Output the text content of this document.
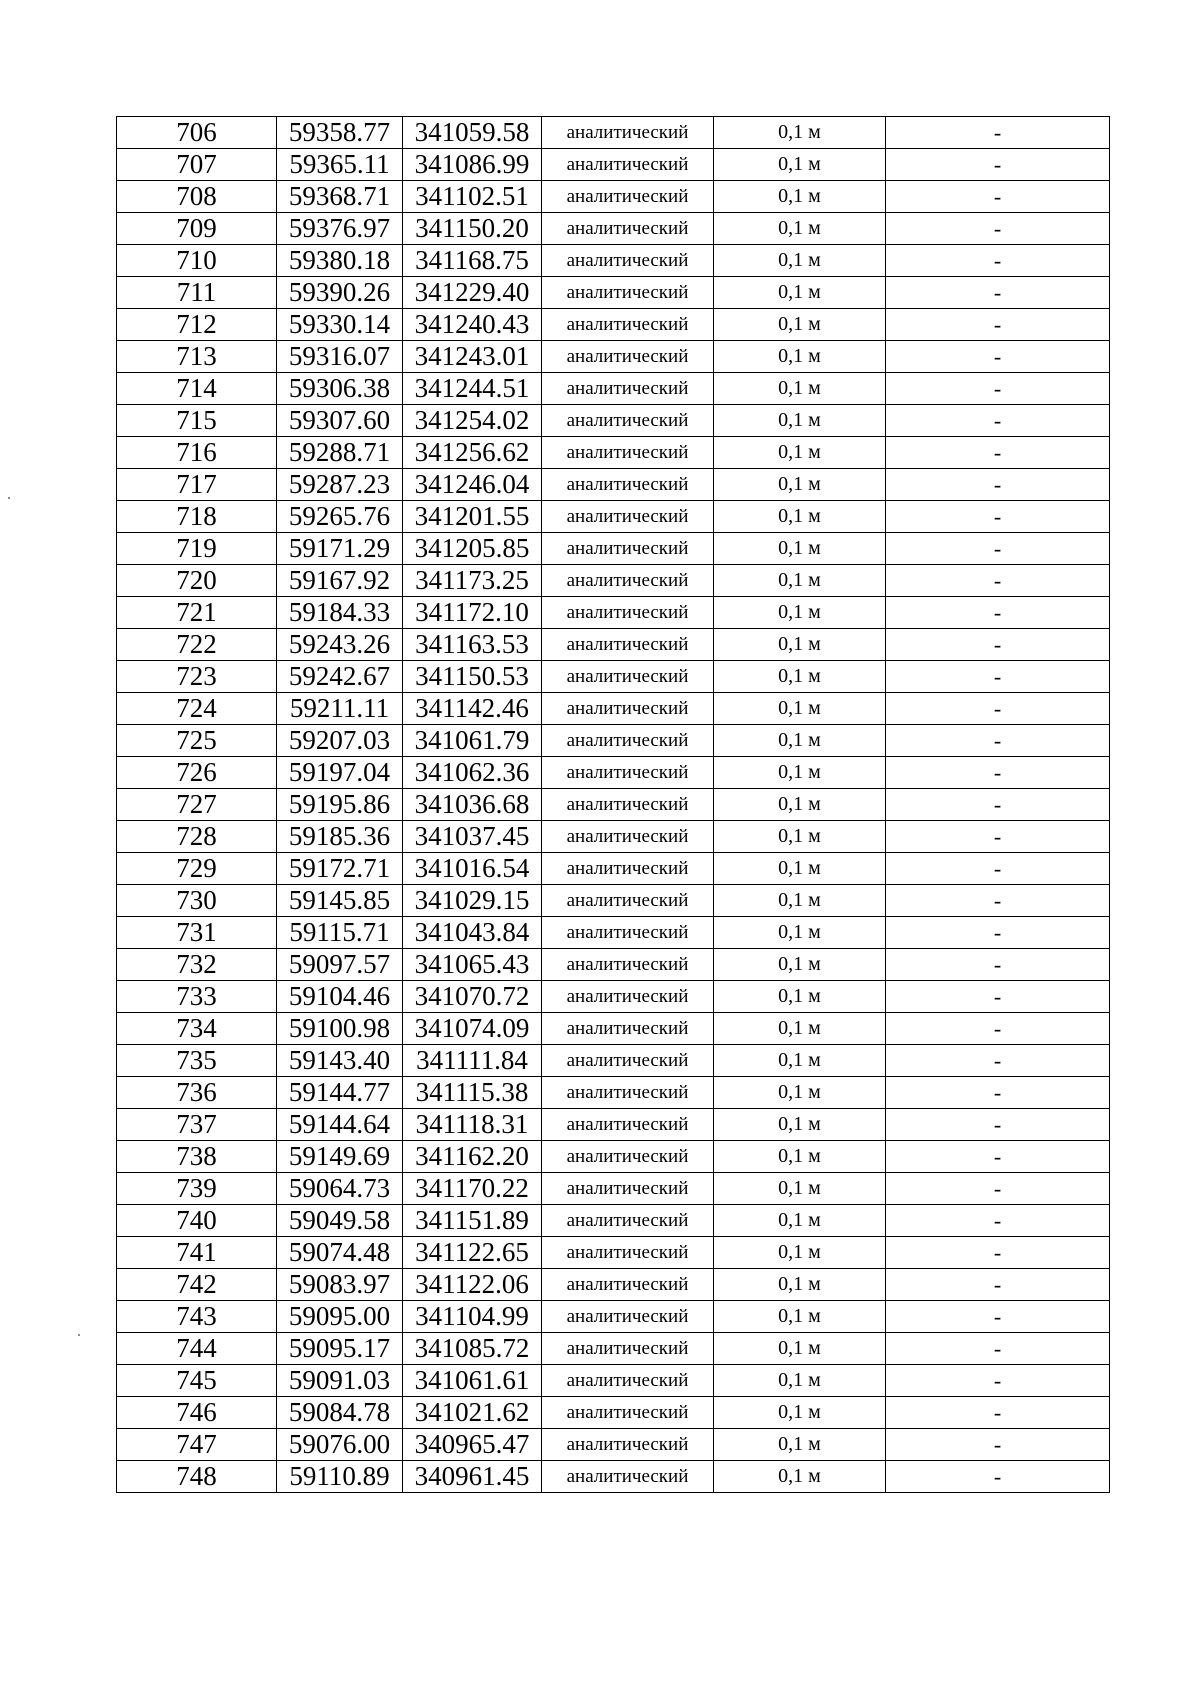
706	59358.77	341059.58	аналитический	0,1 м	-
707	59365.11	341086.99	аналитический	0,1 м	-
708	59368.71	341102.51	аналитический	0,1 м	-
709	59376.97	341150.20	аналитический	0,1 м	-
710	59380.18	341168.75	аналитический	0,1 м	-
711	59390.26	341229.40	аналитический	0,1 м	-
712	59330.14	341240.43	аналитический	0,1 м	-
713	59316.07	341243.01	аналитический	0,1 м	-
714	59306.38	341244.51	аналитический	0,1 м	-
715	59307.60	341254.02	аналитический	0,1 м	-
716	59288.71	341256.62	аналитический	0,1 м	-
717	59287.23	341246.04	аналитический	0,1 м	-
718	59265.76	341201.55	аналитический	0,1 м	-
719	59171.29	341205.85	аналитический	0,1 м	-
720	59167.92	341173.25	аналитический	0,1 м	-
721	59184.33	341172.10	аналитический	0,1 м	-
722	59243.26	341163.53	аналитический	0,1 м	-
723	59242.67	341150.53	аналитический	0,1 м	-
724	59211.11	341142.46	аналитический	0,1 м	-
725	59207.03	341061.79	аналитический	0,1 м	-
726	59197.04	341062.36	аналитический	0,1 м	-
727	59195.86	341036.68	аналитический	0,1 м	-
728	59185.36	341037.45	аналитический	0,1 м	-
729	59172.71	341016.54	аналитический	0,1 м	-
730	59145.85	341029.15	аналитический	0,1 м	-
731	59115.71	341043.84	аналитический	0,1 м	-
732	59097.57	341065.43	аналитический	0,1 м	-
733	59104.46	341070.72	аналитический	0,1 м	-
734	59100.98	341074.09	аналитический	0,1 м	-
735	59143.40	341111.84	аналитический	0,1 м	-
736	59144.77	341115.38	аналитический	0,1 м	-
737	59144.64	341118.31	аналитический	0,1 м	-
738	59149.69	341162.20	аналитический	0,1 м	-
739	59064.73	341170.22	аналитический	0,1 м	-
740	59049.58	341151.89	аналитический	0,1 м	-
741	59074.48	341122.65	аналитический	0,1 м	-
742	59083.97	341122.06	аналитический	0,1 м	-
743	59095.00	341104.99	аналитический	0,1 м	-
744	59095.17	341085.72	аналитический	0,1 м	-
745	59091.03	341061.61	аналитический	0,1 м	-
746	59084.78	341021.62	аналитический	0,1 м	-
747	59076.00	340965.47	аналитический	0,1 м	-
748	59110.89	340961.45	аналитический	0,1 м	-
